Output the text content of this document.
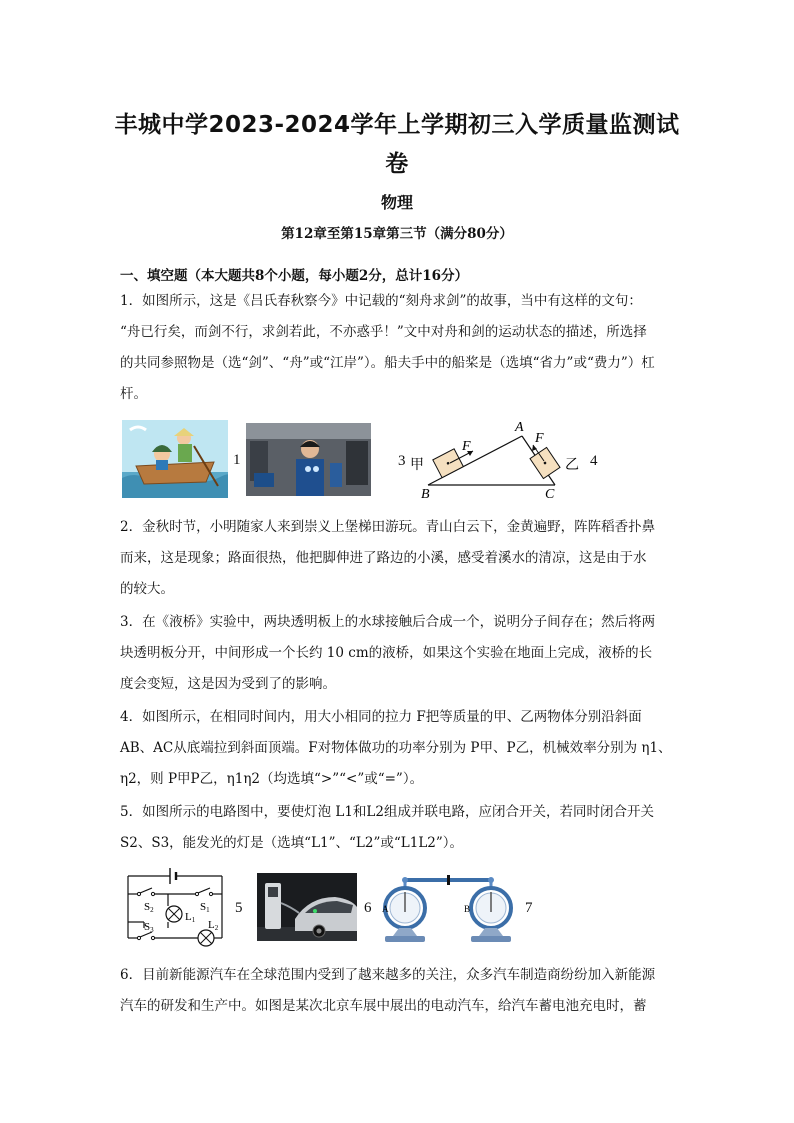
丰城中学2023-2024学年上学期初三入学质量监测试
卷
物理
第12章至第15章第三节（满分80分）
一、填空题（本大题共8个小题，每小题2分，总计16分）
1．如图所示，这是《吕氏春秋察今》中记载的“刻舟求剑”的故事，当中有这样的文句：
“舟已行矣，而剑不行，求剑若此，不亦惑乎！”文中对舟和剑的运动状态的描述，所选择
的共同参照物是（选“剑”、“舟”或“江岸”）。船夫手中的船桨是（选填“省力”或“费力”）杠
杆。
1
A
B	C
F
F
甲	乙
3	4
2．金秋时节，小明随家人来到崇义上堡梯田游玩。青山白云下，金黄遍野，阵阵稻香扑鼻
而来，这是现象；路面很热，他把脚伸进了路边的小溪，感受着溪水的清凉，这是由于水
的较大。
3．在《液桥》实验中，两块透明板上的水球接触后合成一个，说明分子间存在；然后将两
块透明板分开，中间形成一个长约 10 cm的液桥，如果这个实验在地面上完成，液桥的长
度会变短，这是因为受到了的影响。
4．如图所示，在相同时间内，用大小相同的拉力 F把等质量的甲、乙两物体分别沿斜面
AB、AC从底端拉到斜面顶端。F对物体做功的功率分别为 P甲、P乙，机械效率分别为 η1、
η2，则 P甲P乙，η1η2（均选填“>”“<”或“=”）。
5．如图所示的电路图中，要使灯泡 L1和L2组成并联电路，应闭合开关，若同时闭合开关
S2、S3，能发光的灯是（选填“L1”、“L2”或“L1L2”）。
S2	S1
S3
L1 L2
5	6 A	B	7
6．目前新能源汽车在全球范围内受到了越来越多的关注，众多汽车制造商纷纷加入新能源
汽车的研发和生产中。如图是某次北京车展中展出的电动汽车，给汽车蓄电池充电时，蓄
